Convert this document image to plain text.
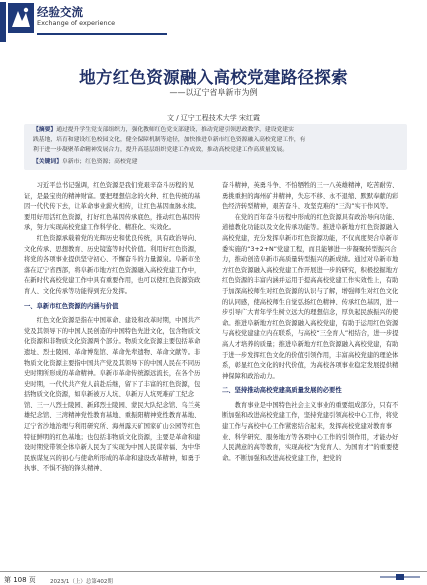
经验交流
Exchange of experience
地方红色资源融入高校党建路径探索
——以辽宁省阜新市为例
文 / 辽宁工程技术大学 宋红霞
【摘要】通过提升学生党支部组织力，强化教师红色党支部建设，推动党建引领思政教学，建设党建实
践基地，培育和建设红色校园文化，健全保障机制等途径，加快推进阜新市红色资源融入高校党建工作，有
利于进一步凝聚革命精神发展合力，提升高基层组织党建工作成效，推动高校党建工作高质量发展。
【关键词】阜新市；红色资源；高校党建

习近平总书记强调，红色资源是我们党艰辛奋斗历程的见证，是最宝贵的精神财富。要把理想信念的火种、红色传统的基因一代代传下去，让革命事业薪火相传，让红色基因血脉永续。要用好用活红色资源，打好红色基因传承底色，推动红色基因传承，努力实现高校党建工作科学化、精准化、实效化。

红色资源承载着党的光辉历史和优良传统，具有政治导向、文化传承、思想教育、历史镜鉴等时代价值。利用好红色资源，将党的各项事业提供坚守初心、不懈奋斗的力量源泉。阜新市坐落在辽宁省西部，将阜新市地方红色资源融入高校党建工作中，在新时代高校党建工作中具有重要作用，也可以使红色资源资政育人、文化传承等功能得到充分发挥。

一、阜新市红色资源的内涵与价值

红色文化资源是指在中国革命、建设和改革时期，中国共产党及其领导下的中国人民创造的中国特色先进文化，包含物质文化资源和非物质文化资源两个部分。物质文化资源主要包括革命遗址、烈士陵园、革命博览馆、革命先辈遗物、革命文献等。非物质文化资源主要指中国共产党及其领导下的中国人民在不同历史时期所形成的革命精神。阜新市革命传统源远流长，在各个历史时期，一代代共产党人前赴后继，留下了丰富的红色资源，包括物质文化资源，如阜新被万人坑、阜新万人坑死难矿工纪念馆、三一八烈士陵园、新邱烈士陵园、蒙民大队纪念馆、乌兰英雄纪念馆、三湾精神党性教育基地、重振阳精神党性教育基地、辽宁省沙地治理与利用研究所、海州露天矿国家矿山公园等红色特征鲜明的红色基地；也包括非物质文化资源，主要是革命和建设时期党带领全体阜新人民为了实现为中国人民谋幸福、为中华民族谋复兴的初心与使命所形成的革命和建设改革精神，如勇于执事、不惧不挠的锋头精神、

奋斗精神，英勇斗争、不怕牺牲的三一八英雄精神，吃苦耐劳、勇挑重担的海州矿井精神，失忘不移、永不退缩、默默奉献的彩色经济转型精神，艰苦奋斗、攻坚克难的“三沟”实干作风等。

在党的百年奋斗历程中形成的红色资源具有政治导向功能、道德教化功能以及文化传承功能等。推进阜新地方红色资源融入高校党建，充分发挥阜新市红色资源功能，不仅真度契合阜新市委实施的“3+2+N”党建工程，而且能够进一步凝聚转型振兴合力，推动创造阜新市高质量转型振兴的新成绩。通过对阜新市地方红色资源融入高校党建工作开展进一步的研究，积极挖掘地方红色资源的丰富内涵并运用于提高高校党建工作实效性上，有助于加深高校师生对红色资源的认识与了解，增强师生对红色文化的认同感，使高校师生自觉弘扬红色精神、传承红色基因，进一步引导广大青年学生树立远大的理想信念，厚负起民族振兴的使命。推进阜新地方红色资源融入高校党建，有助于运用红色资源与高校党建建立内在联系，与高校“三全育人”相结合，进一步提高人才培养的质量；推进阜新地方红色资源融入高校党建，有助于进一步发挥红色文化的价值引领作用，丰富高校党建的理论体系，彰显红色文化的时代价值，为高校各项事业稳定发展提供精神保障和政治动力。

二、坚持推动高校党建高质量发展的必要性

教育事业是中国特色社会主义事业的重要组成部分，只有不断加强和改进高校党建工作，坚持党建引领高校中心工作，将党建工作与高校中心工作紧密结合起来，发挥高校党建对教育事业、科学研究、服务地方等各项中心工作的引领作用，才能办好人民满意的高等教育，实现高校“为党育人、为国育才”的重要使命。不断加强和改进高校党建工作，把党的

第 108 页	2023/1（上）总第402期
